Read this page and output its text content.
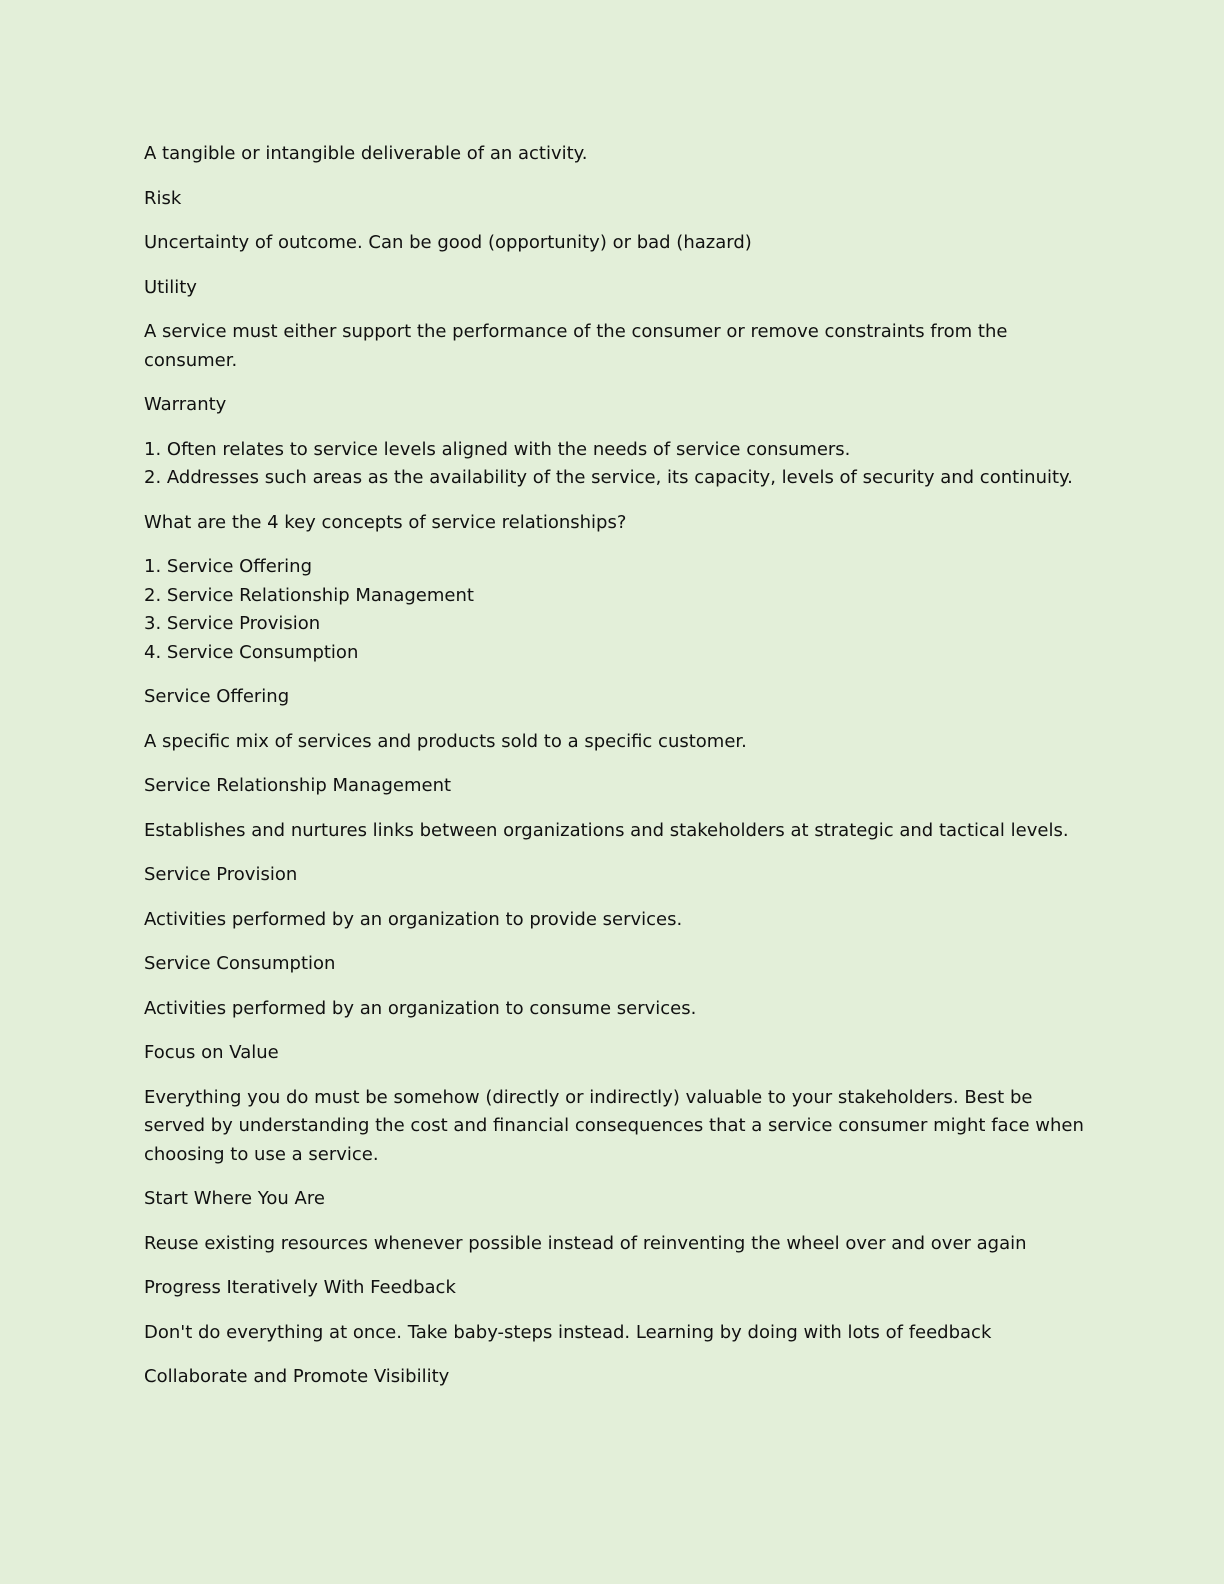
A tangible or intangible deliverable of an activity.

Risk

Uncertainty of outcome. Can be good (opportunity) or bad (hazard)

Utility

A service must either support the performance of the consumer or remove constraints from the consumer.

Warranty

1. Often relates to service levels aligned with the needs of service consumers.
2. Addresses such areas as the availability of the service, its capacity, levels of security and continuity.

What are the 4 key concepts of service relationships?

1. Service Offering
2. Service Relationship Management
3. Service Provision
4. Service Consumption

Service Offering

A specific mix of services and products sold to a specific customer.

Service Relationship Management

Establishes and nurtures links between organizations and stakeholders at strategic and tactical levels.

Service Provision

Activities performed by an organization to provide services.

Service Consumption

Activities performed by an organization to consume services.

Focus on Value

Everything you do must be somehow (directly or indirectly) valuable to your stakeholders. Best be served by understanding the cost and financial consequences that a service consumer might face when choosing to use a service.

Start Where You Are

Reuse existing resources whenever possible instead of reinventing the wheel over and over again

Progress Iteratively With Feedback

Don't do everything at once. Take baby-steps instead. Learning by doing with lots of feedback

Collaborate and Promote Visibility
